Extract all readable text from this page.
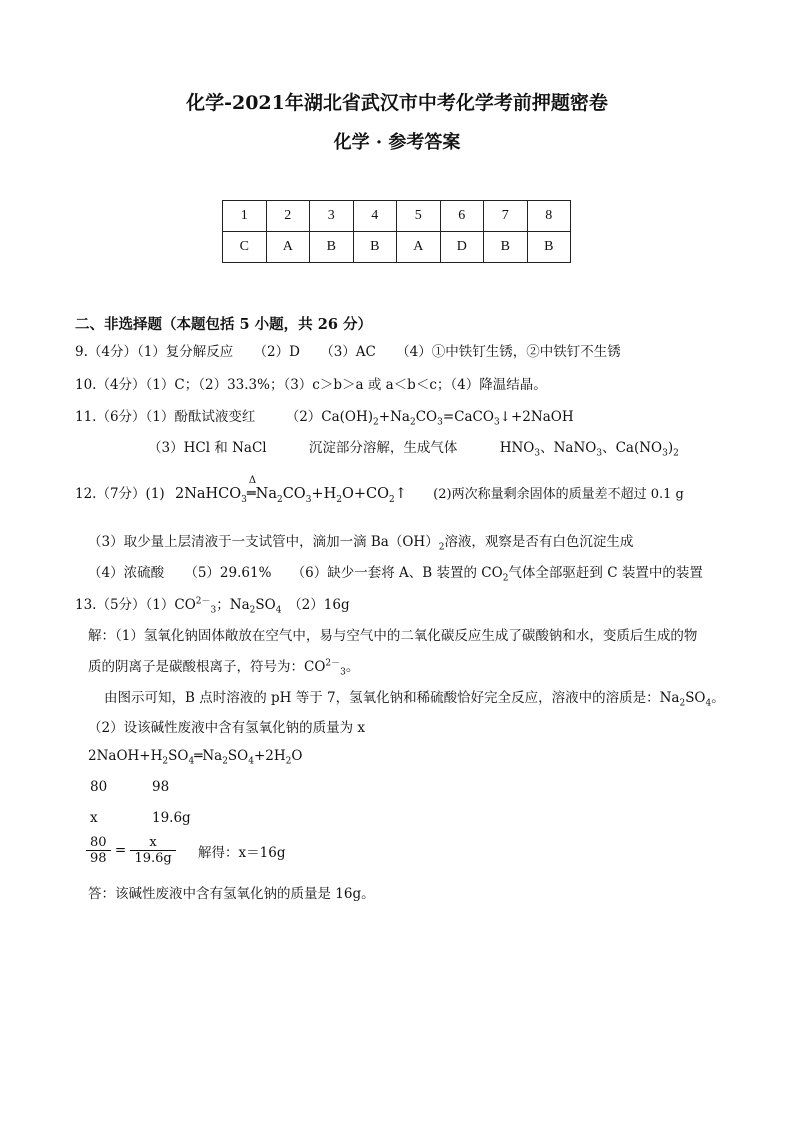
化学-2021年湖北省武汉市中考化学考前押题密卷
化学 · 参考答案
1	2	3	4	5	6	7	8
C	A	B	B	A	D	B	B
二、非选择题（本题包括 5 小题，共 26 分）
9.（4分）（1）复分解反应　　（2）D　　（3）AC　　（4）①中铁钉生锈，②中铁钉不生锈
10.（4分）（1）C；（2）33.3%；（3）c＞b＞a 或 a＜b＜c；（4）降温结晶。
11.（6分）（1）酚酞试液变红 $(2)Ca(OH)_2+Na_2CO_3=CaCO_3↓+2NaOH$
（3）HCl 和 NaCl	沉淀部分溶解，生成气体	$HNO_3$、NaNO$_3$、$Ca(NO_3)_2$
12.（7分）(1) 2NaHCO$_3$
Δ
$═Na_2CO_3+H_2O+CO_2↑$ (2)两次称量剩余固体的质量差不超过 0.1 g
（3）取少量上层清液于一支试管中，滴加一滴 $Ba(OH)_2$溶液，观察是否有白色沉淀生成
（4）浓硫酸　　（5）29.61%　　（6）缺少一套将 A、B 装置的 $CO_2$气体全部驱赶到 C 装置中的装置
13.（5分）$(1)CO^{2-}_3$；$Na_2SO_4$　（2）16g
解：（1）氢氧化钠固体敞放在空气中，易与空气中的二氧化碳反应生成了碳酸钠和水，变质后生成的物
质的阴离子是碳酸根离子，符号为：$CO^{2-}_3$。
由图示可知，B 点时溶液的 pH 等于 7，氢氧化钠和稀硫酸恰好完全反应，溶液中的溶质是：$Na_2SO_4$。
（2）设该碱性废液中含有氢氧化钠的质量为 x
$2NaOH+H_2SO_4═Na_2SO_4+2H_2O$
80	98
x	19.6g
$\frac{80}{98} = \frac{x}{19.6g}$ 解得：x＝16g
答：该碱性废液中含有氢氧化钠的质量是 16g。
